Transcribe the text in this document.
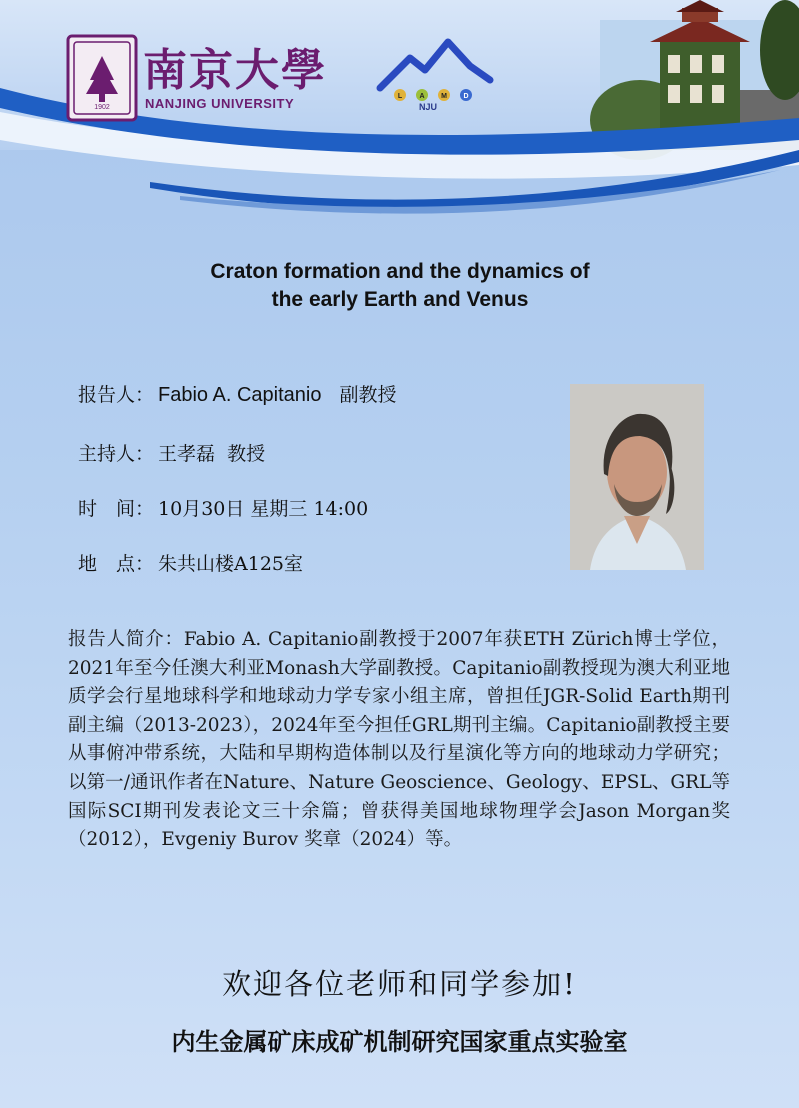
1902
L A M D
南京大學
NANJING UNIVERSITY	NJU
Craton formation and the dynamics of
the early Earth and Venus
报告人： Fabio A. Capitanio 副教授
主持人： 王孝磊  教授
时　间： 10月30日 星期三 14:00
地　点： 朱共山楼A125室
报告人简介：Fabio A. Capitanio副教授于2007年获ETH Zürich博士学位，2021年至今任澳大利亚Monash大学副教授。Capitanio副教授现为澳大利亚地质学会行星地球科学和地球动力学专家小组主席，曾担任JGR-Solid Earth期刊副主编（2013-2023），2024年至今担任GRL期刊主编。Capitanio副教授主要从事俯冲带系统，大陆和早期构造体制以及行星演化等方向的地球动力学研究；以第一/通讯作者在Nature、Nature Geoscience、Geology、EPSL、GRL等国际SCI期刊发表论文三十余篇；曾获得美国地球物理学会Jason Morgan奖（2012），Evgeniy Burov 奖章（2024）等。
欢迎各位老师和同学参加!
内生金属矿床成矿机制研究国家重点实验室
